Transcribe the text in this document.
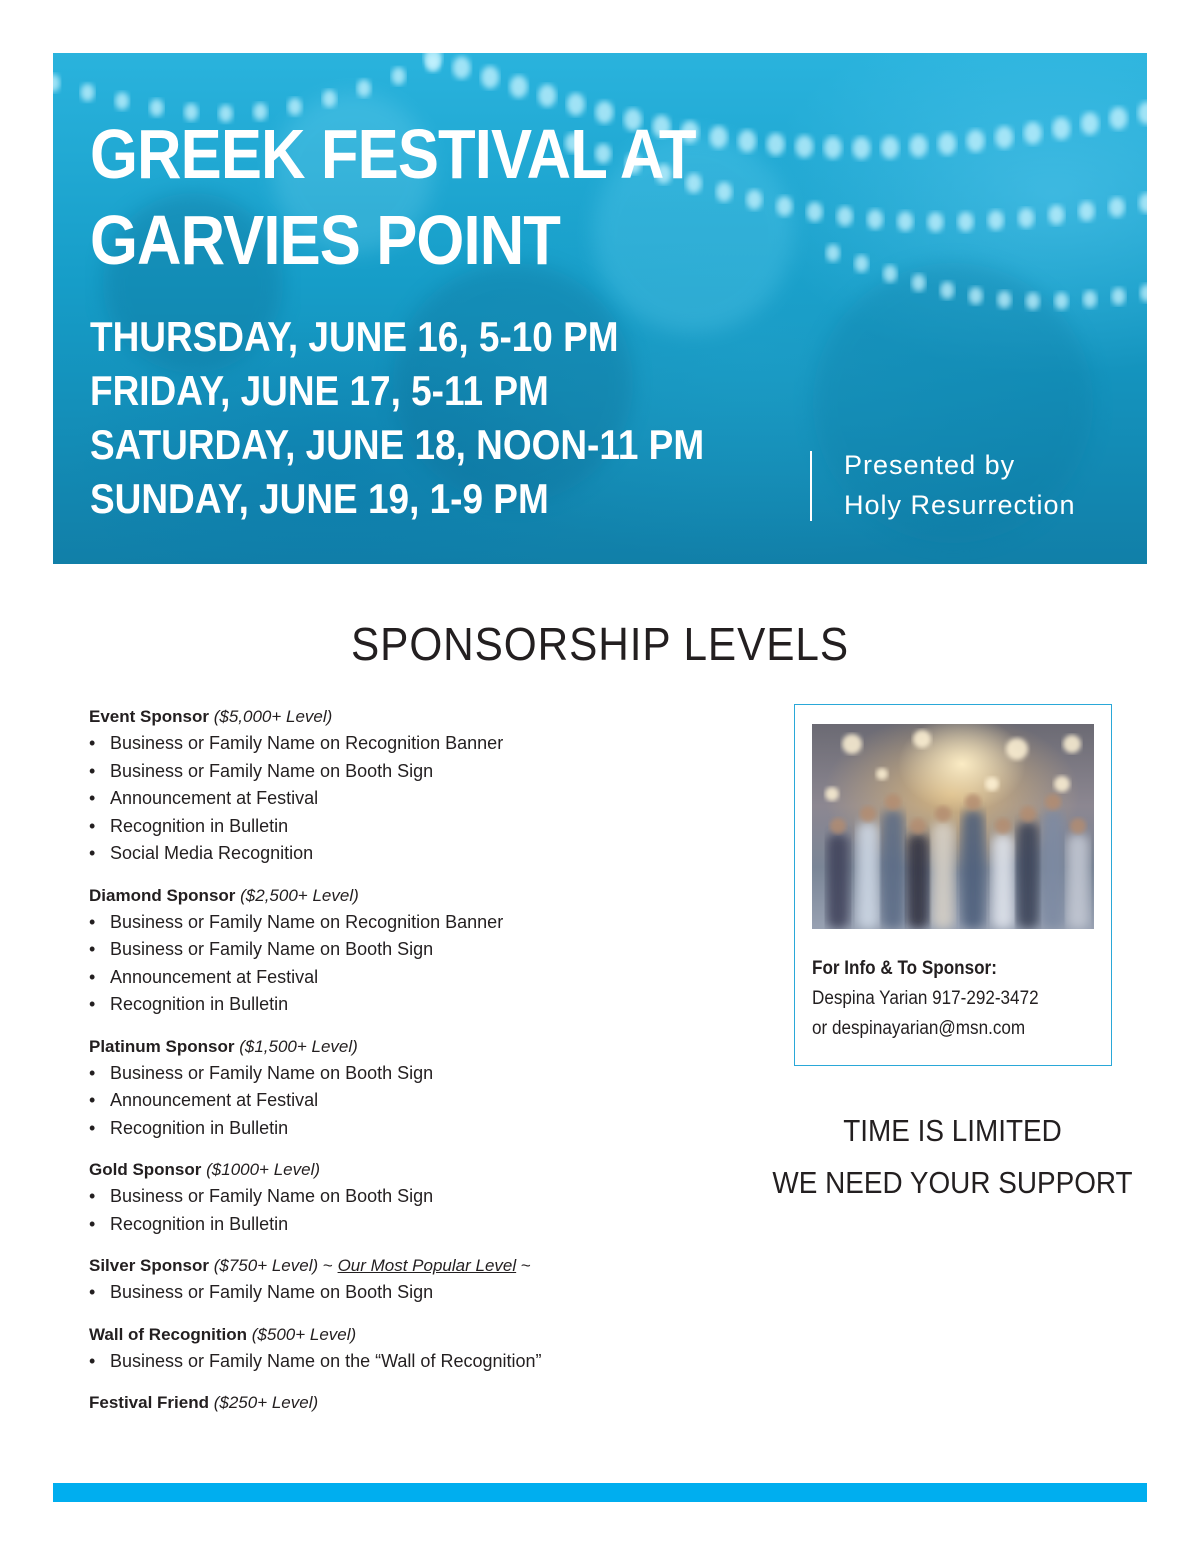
GREEK FESTIVAL AT
GARVIES POINT
THURSDAY, JUNE 16, 5-10 PM
FRIDAY, JUNE 17, 5-11 PM
SATURDAY, JUNE 18, NOON-11 PM
SUNDAY, JUNE 19, 1-9 PM
Presented by
Holy Resurrection
SPONSORSHIP LEVELS
Event Sponsor ($5,000+ Level)
• Business or Family Name on Recognition Banner
• Business or Family Name on Booth Sign
• Announcement at Festival
• Recognition in Bulletin
• Social Media Recognition
Diamond Sponsor ($2,500+ Level)
• Business or Family Name on Recognition Banner
• Business or Family Name on Booth Sign
• Announcement at Festival
• Recognition in Bulletin
Platinum Sponsor ($1,500+ Level)
• Business or Family Name on Booth Sign
• Announcement at Festival
• Recognition in Bulletin
Gold Sponsor ($1000+ Level)
• Business or Family Name on Booth Sign
• Recognition in Bulletin
Silver Sponsor ($750+ Level) ~ Our Most Popular Level ~
• Business or Family Name on Booth Sign
Wall of Recognition ($500+ Level)
• Business or Family Name on the “Wall of Recognition”
Festival Friend ($250+ Level)
For Info & To Sponsor:
Despina Yarian 917-292-3472
or despinayarian@msn.com
TIME IS LIMITED
WE NEED YOUR SUPPORT
